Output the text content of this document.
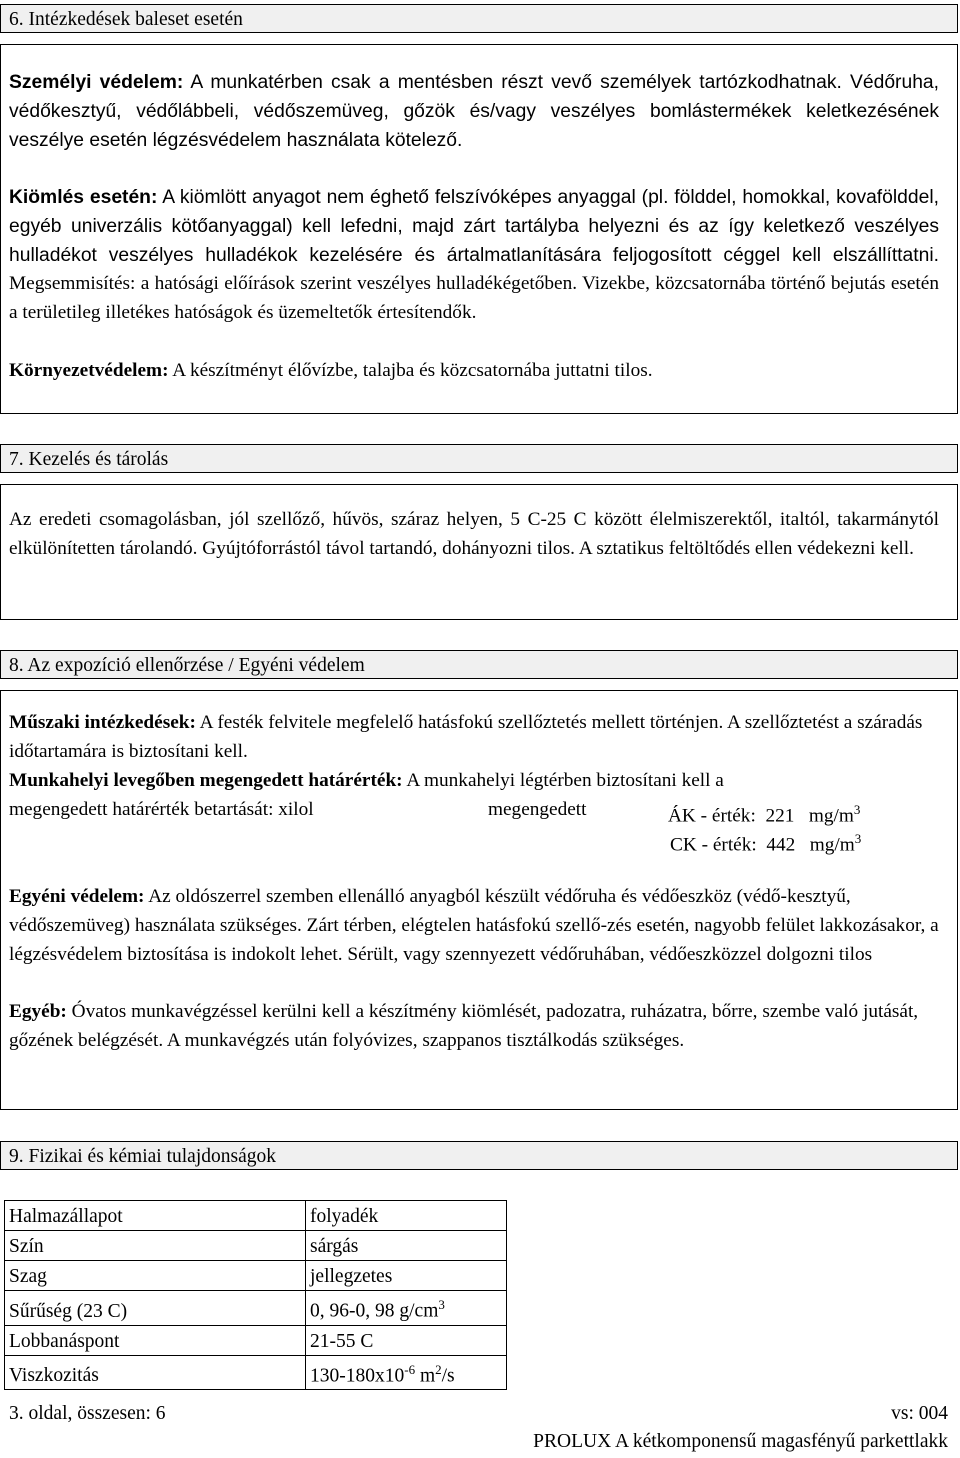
6. Intézkedések baleset esetén

Személyi védelem: A munkatérben csak a mentésben részt vevő személyek tartózkodhatnak. Védőruha, védőkesztyű, védőlábbeli, védőszemüveg, gőzök és/vagy veszélyes bomlástermékek keletkezésének veszélye esetén légzésvédelem használata kötelező.

Kiömlés esetén: A kiömlött anyagot nem éghető felszívóképes anyaggal (pl. földdel, homokkal, kovafölddel, egyéb univerzális kötőanyaggal) kell lefedni, majd zárt tartályba helyezni és az így keletkező veszélyes hulladékot veszélyes hulladékok kezelésére és ártalmatlanítására feljogosított céggel kell elszállíttatni. Megsemmisítés: a hatósági előírások szerint veszélyes hulladékégetőben. Vizekbe, közcsatornába történő bejutás esetén a területileg illetékes hatóságok és üzemeltetők értesítendők.

Környezetvédelem: A készítményt élővízbe, talajba és közcsatornába juttatni tilos.

7. Kezelés és tárolás

Az eredeti csomagolásban, jól szellőző, hűvös, száraz helyen, 5 C-25 C között élelmiszerektől, italtól, takarmánytól elkülönítetten tárolandó. Gyújtóforrástól távol tartandó, dohányozni tilos. A sztatikus feltöltődés ellen védekezni kell.

8. Az expozíció ellenőrzése / Egyéni védelem

Műszaki intézkedések: A festék felvitele megfelelő hatásfokú szellőztetés mellett történjen. A szellőztetést a száradás időtartamára is biztosítani kell.

Munkahelyi levegőben megengedett határérték: A munkahelyi légtérben biztosítani kell a
megengedett határérték betartását: xilol	megengedett	ÁK - érték: 221 $mg/m^3$
CK - érték: 442 $mg/m^3$

Egyéni védelem: Az oldószerrel szemben ellenálló anyagból készült védőruha és védőeszköz (védő-kesztyű, védőszemüveg) használata szükséges. Zárt térben, elégtelen hatásfokú szellő-zés esetén, nagyobb felület lakkozásakor, a légzésvédelem biztosítása is indokolt lehet. Sérült, vagy szennyezett védőruhában, védőeszközzel dolgozni tilos

Egyéb: Óvatos munkavégzéssel kerülni kell a készítmény kiömlését, padozatra, ruházatra, bőrre, szembe való jutását, gőzének belégzését. A munkavégzés után folyóvizes, szappanos tisztálkodás szükséges.

9. Fizikai és kémiai tulajdonságok
Halmazállapot	folyadék
Szín	sárgás
Szag	jellegzetes
Sűrűség (23 C)	0, 96-0, 98 $g/cm^3$
Lobbanáspont	21-55 C
Viszkozitás	$130-180x10^{-6}$ $m^2/s$
3. oldal, összesen: 6	vs: 004
PROLUX A kétkomponensű magasfényű parkettlakk
